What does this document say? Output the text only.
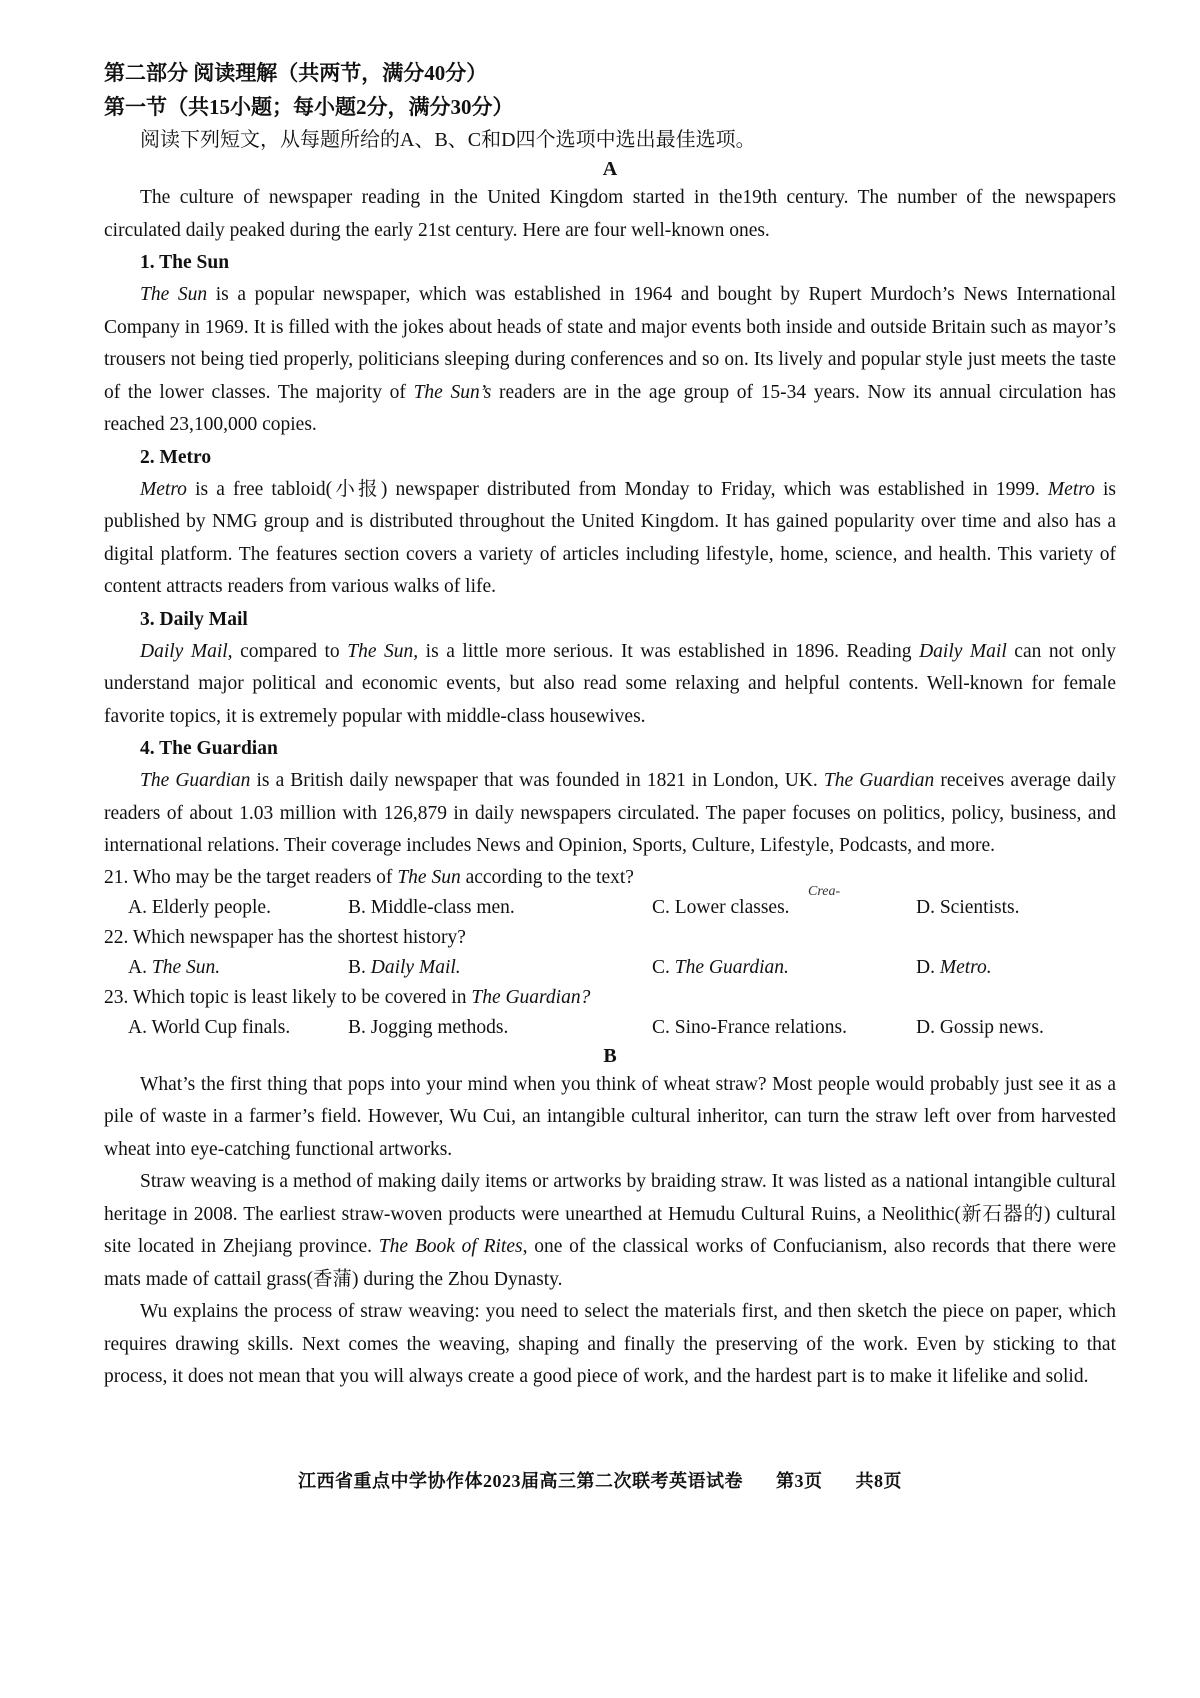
第二部分 阅读理解（共两节，满分40分）

第一节（共15小题；每小题2分，满分30分）

阅读下列短文，从每题所给的A、B、C和D四个选项中选出最佳选项。

A

The culture of newspaper reading in the United Kingdom started in the19th century. The number of the newspapers circulated daily peaked during the early 21st century. Here are four well-known ones.

1. The Sun

The Sun is a popular newspaper, which was established in 1964 and bought by Rupert Murdoch’s News International Company in 1969. It is filled with the jokes about heads of state and major events both inside and outside Britain such as mayor’s trousers not being tied properly, politicians sleeping during conferences and so on. Its lively and popular style just meets the taste of the lower classes. The majority of The Sun’s readers are in the age group of 15-34 years. Now its annual circulation has reached 23,100,000 copies.

2. Metro

Metro is a free tabloid(小报) newspaper distributed from Monday to Friday, which was established in 1999. Metro is published by NMG group and is distributed throughout the United Kingdom. It has gained popularity over time and also has a digital platform. The features section covers a variety of articles including lifestyle, home, science, and health. This variety of content attracts readers from various walks of life.

3. Daily Mail

Daily Mail, compared to The Sun, is a little more serious. It was established in 1896. Reading Daily Mail can not only understand major political and economic events, but also read some relaxing and helpful contents. Well-known for female favorite topics, it is extremely popular with middle-class housewives.

4. The Guardian

The Guardian is a British daily newspaper that was founded in 1821 in London, UK. The Guardian receives average daily readers of about 1.03 million with 126,879 in daily newspapers circulated. The paper focuses on politics, policy, business, and international relations. Their coverage includes News and Opinion, Sports, Culture, Lifestyle, Podcasts, and more.

21. Who may be the target readers of The Sun according to the text?

A. Elderly people.	B. Middle-class men.	C. Lower classes.	D. Scientists.

22. Which newspaper has the shortest history?

A. The Sun.	B. Daily Mail.	C. The Guardian.	D. Metro.

23. Which topic is least likely to be covered in The Guardian?

A. World Cup finals.	B. Jogging methods.	C. Sino-France relations.	D. Gossip news.

B

What’s the first thing that pops into your mind when you think of wheat straw? Most people would probably just see it as a pile of waste in a farmer’s field. However, Wu Cui, an intangible cultural inheritor, can turn the straw left over from harvested wheat into eye-catching functional artworks.

Straw weaving is a method of making daily items or artworks by braiding straw. It was listed as a national intangible cultural heritage in 2008. The earliest straw-woven products were unearthed at Hemudu Cultural Ruins, a Neolithic(新石器的) cultural site located in Zhejiang province. The Book of Rites, one of the classical works of Confucianism, also records that there were mats made of cattail grass(香蒲) during the Zhou Dynasty.

Wu explains the process of straw weaving: you need to select the materials first, and then sketch the piece on paper, which requires drawing skills. Next comes the weaving, shaping and finally the preserving of the work. Even by sticking to that process, it does not mean that you will always create a good piece of work, and the hardest part is to make it lifelike and solid.

Crea-
江西省重点中学协作体2023届高三第二次联考英语试卷 第3页 共8页
